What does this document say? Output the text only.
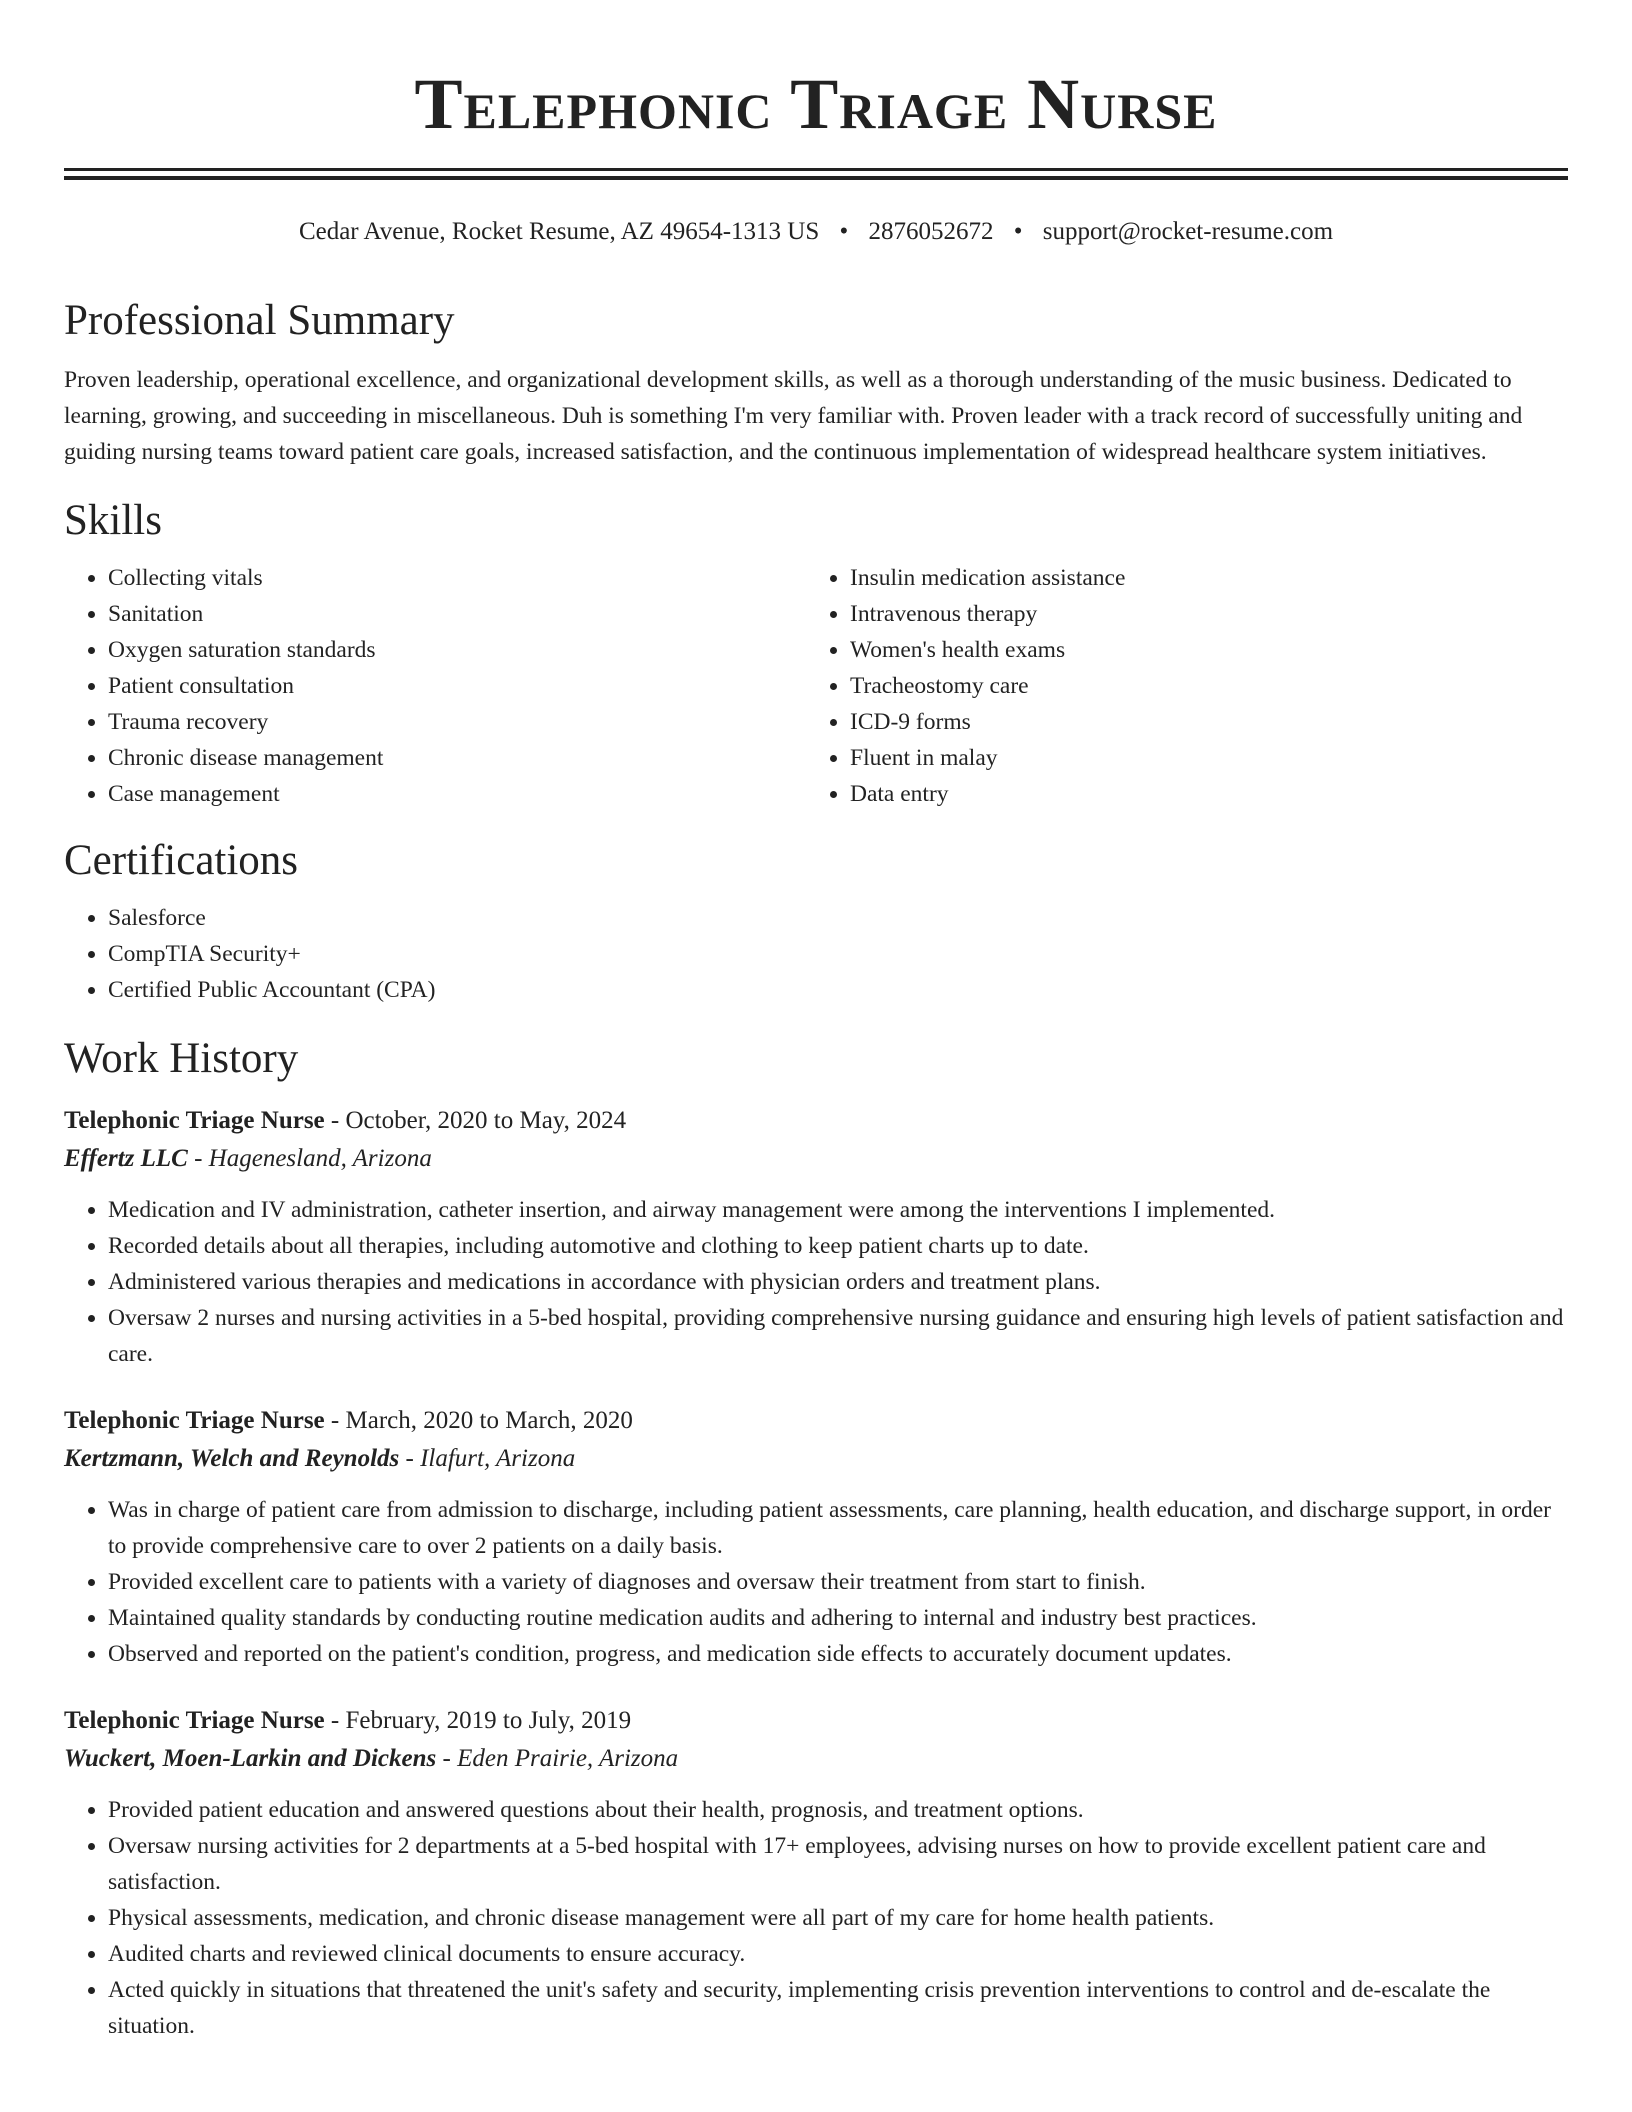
Telephonic Triage Nurse
Cedar Avenue, Rocket Resume, AZ 49654-1313 US • 2876052672 • support@rocket-resume.com
Professional Summary
Proven leadership, operational excellence, and organizational development skills, as well as a thorough understanding of the music business. Dedicated to learning, growing, and succeeding in miscellaneous. Duh is something I'm very familiar with. Proven leader with a track record of successfully uniting and guiding nursing teams toward patient care goals, increased satisfaction, and the continuous implementation of widespread healthcare system initiatives.
Skills
• Collecting vitals
• Sanitation
• Oxygen saturation standards
• Patient consultation
• Trauma recovery
• Chronic disease management
• Case management
• Insulin medication assistance
• Intravenous therapy
• Women's health exams
• Tracheostomy care
• ICD-9 forms
• Fluent in malay
• Data entry
Certifications
• Salesforce
• CompTIA Security+
• Certified Public Accountant (CPA)
Work History
Telephonic Triage Nurse - October, 2020 to May, 2024
Effertz LLC - Hagenesland, Arizona
• Medication and IV administration, catheter insertion, and airway management were among the interventions I implemented.
• Recorded details about all therapies, including automotive and clothing to keep patient charts up to date.
• Administered various therapies and medications in accordance with physician orders and treatment plans.
• Oversaw 2 nurses and nursing activities in a 5-bed hospital, providing comprehensive nursing guidance and ensuring high levels of patient satisfaction and care.
Telephonic Triage Nurse - March, 2020 to March, 2020
Kertzmann, Welch and Reynolds - Ilafurt, Arizona
• Was in charge of patient care from admission to discharge, including patient assessments, care planning, health education, and discharge support, in order to provide comprehensive care to over 2 patients on a daily basis.
• Provided excellent care to patients with a variety of diagnoses and oversaw their treatment from start to finish.
• Maintained quality standards by conducting routine medication audits and adhering to internal and industry best practices.
• Observed and reported on the patient's condition, progress, and medication side effects to accurately document updates.
Telephonic Triage Nurse - February, 2019 to July, 2019
Wuckert, Moen-Larkin and Dickens - Eden Prairie, Arizona
• Provided patient education and answered questions about their health, prognosis, and treatment options.
• Oversaw nursing activities for 2 departments at a 5-bed hospital with 17+ employees, advising nurses on how to provide excellent patient care and satisfaction.
• Physical assessments, medication, and chronic disease management were all part of my care for home health patients.
• Audited charts and reviewed clinical documents to ensure accuracy.
• Acted quickly in situations that threatened the unit's safety and security, implementing crisis prevention interventions to control and de-escalate the situation.
